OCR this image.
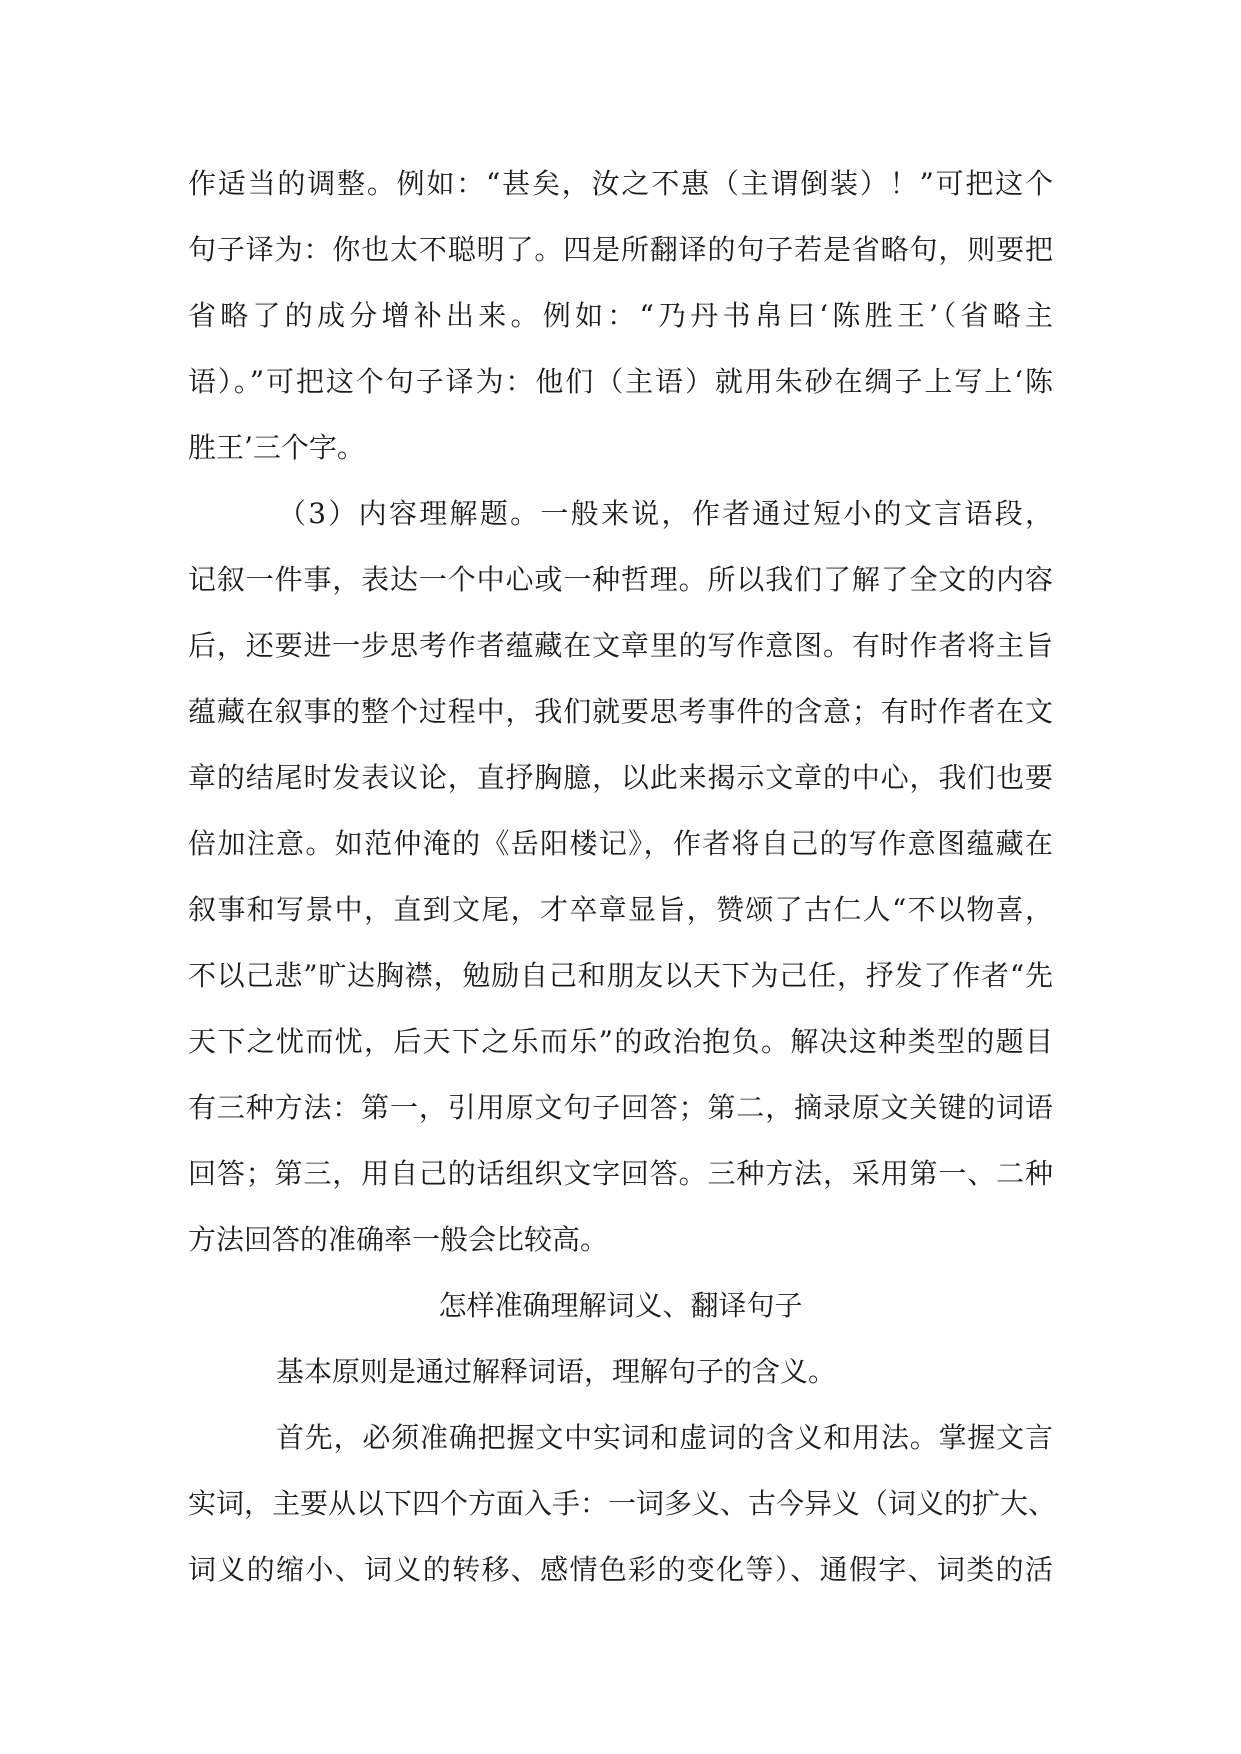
作适当的调整。例如：“甚矣，汝之不惠（主谓倒装）！”可把这个
句子译为：你也太不聪明了。四是所翻译的句子若是省略句，则要把
省略了的成分增补出来。例如：“乃丹书帛曰‘陈胜王’（省略主
语）。”可把这个句子译为：他们（主语）就用朱砂在绸子上写上‘陈
胜王’三个字。
（3）内容理解题。一般来说，作者通过短小的文言语段，
记叙一件事，表达一个中心或一种哲理。所以我们了解了全文的内容
后，还要进一步思考作者蕴藏在文章里的写作意图。有时作者将主旨
蕴藏在叙事的整个过程中，我们就要思考事件的含意；有时作者在文
章的结尾时发表议论，直抒胸臆，以此来揭示文章的中心，我们也要
倍加注意。如范仲淹的《岳阳楼记》，作者将自己的写作意图蕴藏在
叙事和写景中，直到文尾，才卒章显旨，赞颂了古仁人“不以物喜，
不以己悲”旷达胸襟，勉励自己和朋友以天下为己任，抒发了作者“先
天下之忧而忧，后天下之乐而乐”的政治抱负。解决这种类型的题目
有三种方法：第一，引用原文句子回答；第二，摘录原文关键的词语
回答；第三，用自己的话组织文字回答。三种方法，采用第一、二种
方法回答的准确率一般会比较高。
怎样准确理解词义、翻译句子
基本原则是通过解释词语，理解句子的含义。
首先，必须准确把握文中实词和虚词的含义和用法。掌握文言
实词，主要从以下四个方面入手：一词多义、古今异义（词义的扩大、
词义的缩小、词义的转移、感情色彩的变化等）、通假字、词类的活
